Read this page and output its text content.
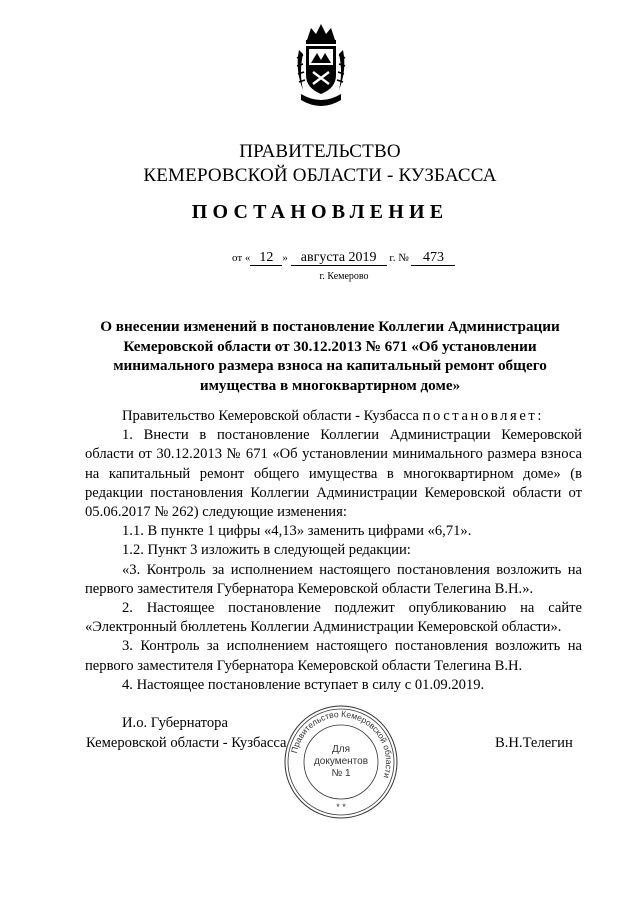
ПРАВИТЕЛЬСТВО
КЕМЕРОВСКОЙ ОБЛАСТИ - КУЗБАССА
ПОСТАНОВЛЕНИЕ
от « 12 » августа 2019 г. № 473
г. Кемерово
О внесении изменений в постановление Коллегии Администрации Кемеровской области от 30.12.2013 № 671 «Об установлении минимального размера взноса на капитальный ремонт общего имущества в многоквартирном доме»

Правительство Кемеровской области - Кузбасса постановляет:

1. Внести в постановление Коллегии Администрации Кемеровской области от 30.12.2013 № 671 «Об установлении минимального размера взноса на капитальный ремонт общего имущества в многоквартирном доме» (в редакции постановления Коллегии Администрации Кемеровской области от 05.06.2017 № 262) следующие изменения:

1.1. В пункте 1 цифры «4,13» заменить цифрами «6,71».

1.2. Пункт 3 изложить в следующей редакции:

«3. Контроль за исполнением настоящего постановления возложить на первого заместителя Губернатора Кемеровской области Телегина В.Н.».

2. Настоящее постановление подлежит опубликованию на сайте «Электронный бюллетень Коллегии Администрации Кемеровской области».

3. Контроль за исполнением настоящего постановления возложить на первого заместителя Губернатора Кемеровской области Телегина В.Н.

4. Настоящее постановление вступает в силу с 01.09.2019.

И.о. Губернатора
Кемеровской области - Кузбасса	В.Н.Телегин
Правительство Кемеровской области
Для
документов
№ 1
* *
